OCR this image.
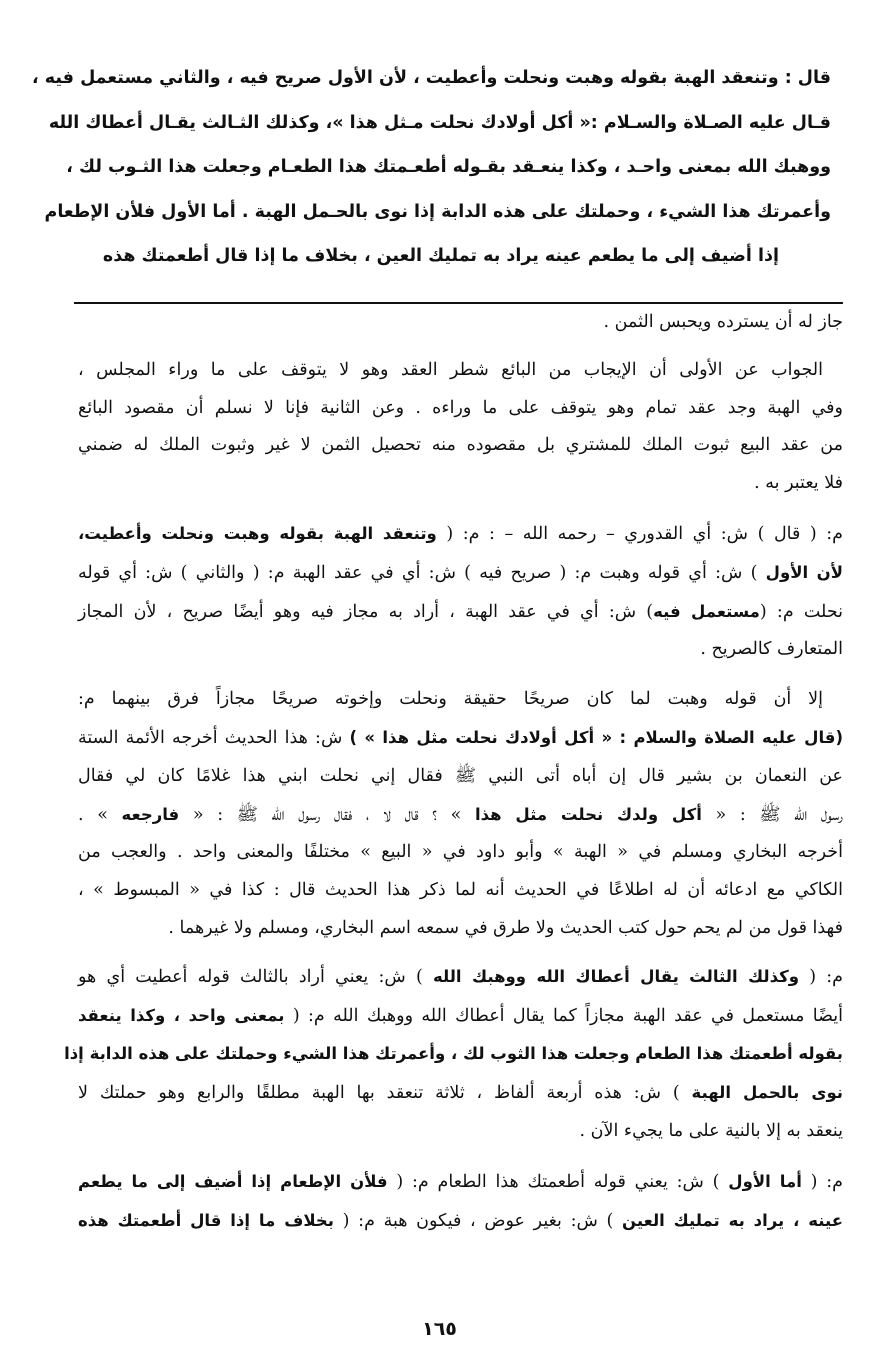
قال : وتنعقد الهبة بقوله وهبت ونحلت وأعطيت ، لأن الأول صريح فيه ، والثاني مستعمل فيه ،
قـال عليه الصـلاة والسـلام :« أكل أولادك نحلت مـثل هذا »، وكذلك الثـالث يقـال أعطاك الله
ووهبك الله بمعنى واحـد ، وكذا ينعـقد بقـوله أطعـمتك هذا الطعـام وجعلت هذا الثـوب لك ،
وأعمرتك هذا الشيء ، وحملتك على هذه الدابة إذا نوى بالحـمل الهبة . أما الأول فلأن الإطعام
إذا أضيف إلى ما يطعم عينه يراد به تمليك العين ، بخلاف ما إذا قال أطعمتك هذه
جاز له أن يسترده ويحبس الثمن .
الجواب عن الأولى أن الإيجاب من البائع شطر العقد وهو لا يتوقف على ما وراء المجلس ،
وفي الهبة وجد عقد تمام وهو يتوقف على ما وراءه . وعن الثانية فإنا لا نسلم أن مقصود البائع
من عقد البيع ثبوت الملك للمشتري بل مقصوده منه تحصيل الثمن لا غير وثبوت الملك له ضمني
فلا يعتبر به .
م: ( قال ) ش: أي القدوري – رحمه الله – : م: ( وتنعقد الهبة بقوله وهبت ونحلت وأعطيت،
لأن الأول ) ش: أي قوله وهبت م: ( صريح فيه ) ش: أي في عقد الهبة م: ( والثاني ) ش: أي قوله
نحلت م: (مستعمل فيه) ش: أي في عقد الهبة ، أراد به مجاز فيه وهو أيضًا صريح ، لأن المجاز
المتعارف كالصريح .
إلا أن قوله وهبت لما كان صريحًا حقيقة ونحلت وإخوته صريحًا مجازاً فرق بينهما م:
(قال عليه الصلاة والسلام : « أكل أولادك نحلت مثل هذا » ) ش: هذا الحديث أخرجه الأئمة الستة
عن النعمان بن بشير قال إن أباه أتى النبي ﷺ فقال إني نحلت ابني هذا غلامًا كان لي فقال
رسول الله ﷺ : « أكل ولدك نحلت مثل هذا » ؟ قال لا ، فقال رسول الله ﷺ : « فارجعه » .
أخرجه البخاري ومسلم في « الهبة » وأبو داود في « البيع » مختلفًا والمعنى واحد . والعجب من
الكاكي مع ادعائه أن له اطلاعًا في الحديث أنه لما ذكر هذا الحديث قال : كذا في « المبسوط » ،
فهذا قول من لم يحم حول كتب الحديث ولا طرق في سمعه اسم البخاري، ومسلم ولا غيرهما .
م: ( وكذلك الثالث يقال أعطاك الله ووهبك الله ) ش: يعني أراد بالثالث قوله أعطيت أي هو
أيضًا مستعمل في عقد الهبة مجازاً كما يقال أعطاك الله ووهبك الله م: ( بمعنى واحد ، وكذا ينعقد
بقوله أطعمتك هذا الطعام وجعلت هذا الثوب لك ، وأعمرتك هذا الشيء وحملتك على هذه الدابة إذا
نوى بالحمل الهبة ) ش: هذه أربعة ألفاظ ، ثلاثة تنعقد بها الهبة مطلقًا والرابع وهو حملتك لا
ينعقد به إلا بالنية على ما يجيء الآن .
م: ( أما الأول ) ش: يعني قوله أطعمتك هذا الطعام م: ( فلأن الإطعام إذا أضيف إلى ما يطعم
عينه ، يراد به تمليك العين ) ش: بغير عوض ، فيكون هبة م: ( بخلاف ما إذا قال أطعمتك هذه
١٦٥
